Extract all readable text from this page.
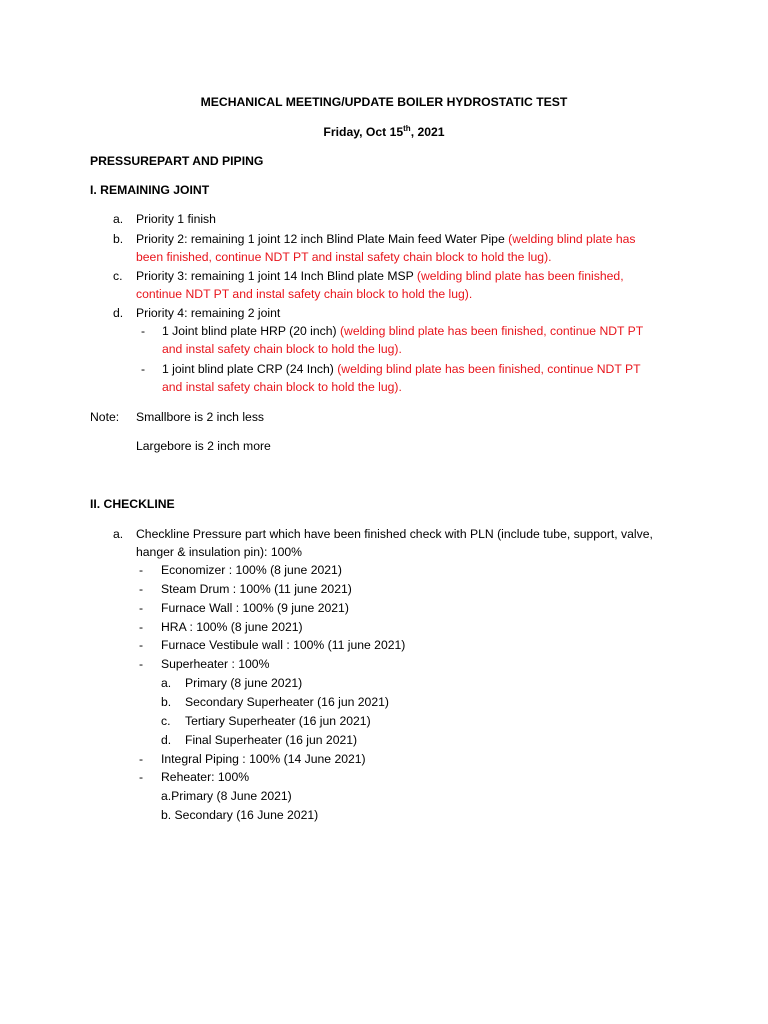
MECHANICAL MEETING/UPDATE BOILER HYDROSTATIC TEST
Friday, Oct 15th, 2021
PRESSUREPART AND PIPING
I. REMAINING JOINT
a. Priority 1 finish
b. Priority 2: remaining 1 joint 12 inch Blind Plate Main feed Water Pipe (welding blind plate has
been finished, continue NDT PT and instal safety chain block to hold the lug).
c. Priority 3: remaining 1 joint 14 Inch Blind plate MSP (welding blind plate has been finished,
continue NDT PT and instal safety chain block to hold the lug).
d. Priority 4: remaining 2 joint
- 1 Joint blind plate HRP (20 inch) (welding blind plate has been finished, continue NDT PT
and instal safety chain block to hold the lug).
- 1 joint blind plate CRP (24 Inch) (welding blind plate has been finished, continue NDT PT
and instal safety chain block to hold the lug).
Note: Smallbore is 2 inch less
Largebore is 2 inch more
II. CHECKLINE
a. Checkline Pressure part which have been finished check with PLN (include tube, support, valve,
hanger & insulation pin): 100%
- Economizer : 100% (8 june 2021)
- Steam Drum : 100% (11 june 2021)
- Furnace Wall : 100% (9 june 2021)
- HRA : 100% (8 june 2021)
- Furnace Vestibule wall : 100% (11 june 2021)
- Superheater : 100%
a. Primary (8 june 2021)
b. Secondary Superheater (16 jun 2021)
c. Tertiary Superheater (16 jun 2021)
d. Final Superheater (16 jun 2021)
- Integral Piping : 100% (14 June 2021)
- Reheater: 100%
a.Primary (8 June 2021)
b. Secondary (16 June 2021)
